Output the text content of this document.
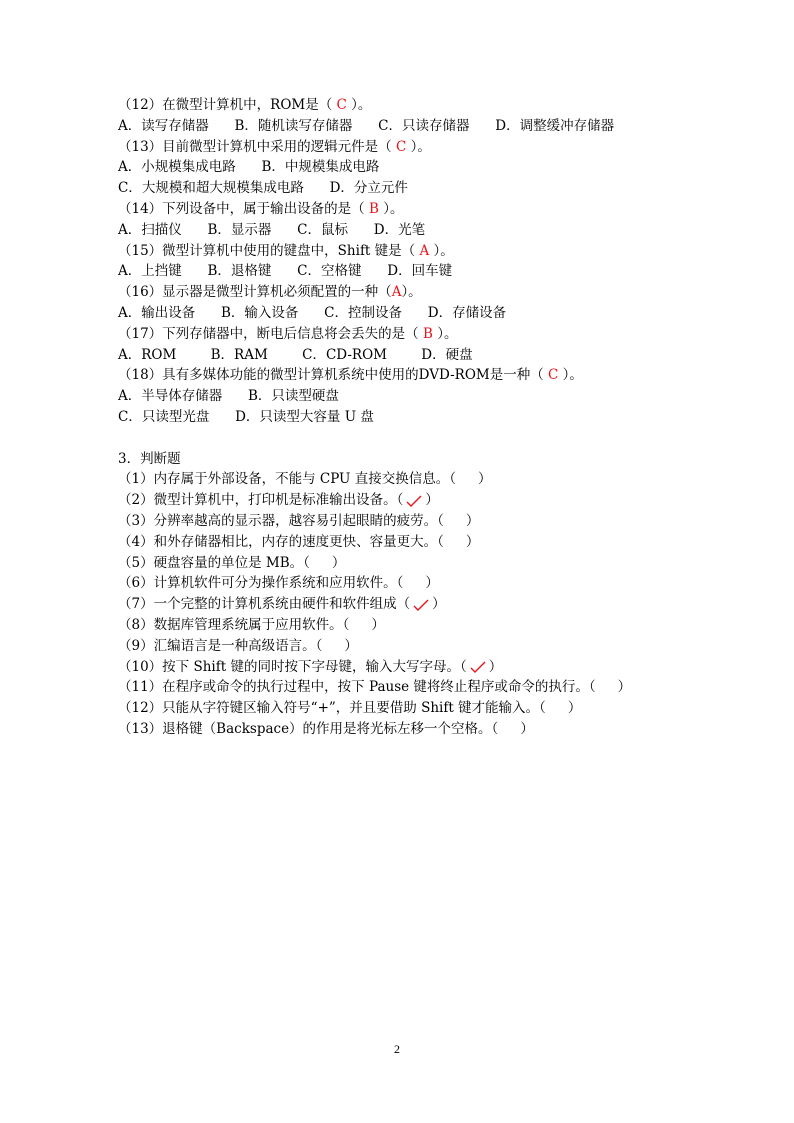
（12）在微型计算机中，ROM是（ C ）。
A．读写存储器      B．随机读写存储器      C．只读存储器      D．调整缓冲存储器
（13）目前微型计算机中采用的逻辑元件是（ C ）。
A．小规模集成电路      B．中规模集成电路
C．大规模和超大规模集成电路      D．分立元件
（14）下列设备中，属于输出设备的是（ B ）。
A．扫描仪      B．显示器      C．鼠标      D．光笔
（15）微型计算机中使用的键盘中，Shift 键是（ A ）。
A．上挡键      B．退格键      C．空格键      D．回车键
（16）显示器是微型计算机必须配置的一种（A）。
A．输出设备      B．输入设备      C．控制设备      D．存储设备
（17）下列存储器中，断电后信息将会丢失的是（ B ）。
A．ROM        B．RAM        C．CD-ROM        D．硬盘
（18）具有多媒体功能的微型计算机系统中使用的DVD-ROM是一种（ C ）。
A．半导体存储器      B．只读型硬盘
C．只读型光盘      D．只读型大容量 U 盘
3．判断题
（1）内存属于外部设备，不能与 CPU 直接交换信息。（　 ）
（2）微型计算机中，打印机是标准输出设备。（ ）
（3）分辨率越高的显示器，越容易引起眼睛的疲劳。（　 ）
（4）和外存储器相比，内存的速度更快、容量更大。（　 ）
（5）硬盘容量的单位是 MB。（　 ）
（6）计算机软件可分为操作系统和应用软件。（　 ）
（7）一个完整的计算机系统由硬件和软件组成（ ）
（8）数据库管理系统属于应用软件。（　 ）
（9）汇编语言是一种高级语言。（　 ）
（10）按下 Shift 键的同时按下字母键，输入大写字母。（ ）
（11）在程序或命令的执行过程中，按下 Pause 键将终止程序或命令的执行。（　 ）
（12）只能从字符键区输入符号“+”，并且要借助 Shift 键才能输入。（　 ）
（13）退格键（Backspace）的作用是将光标左移一个空格。（　 ）
2
